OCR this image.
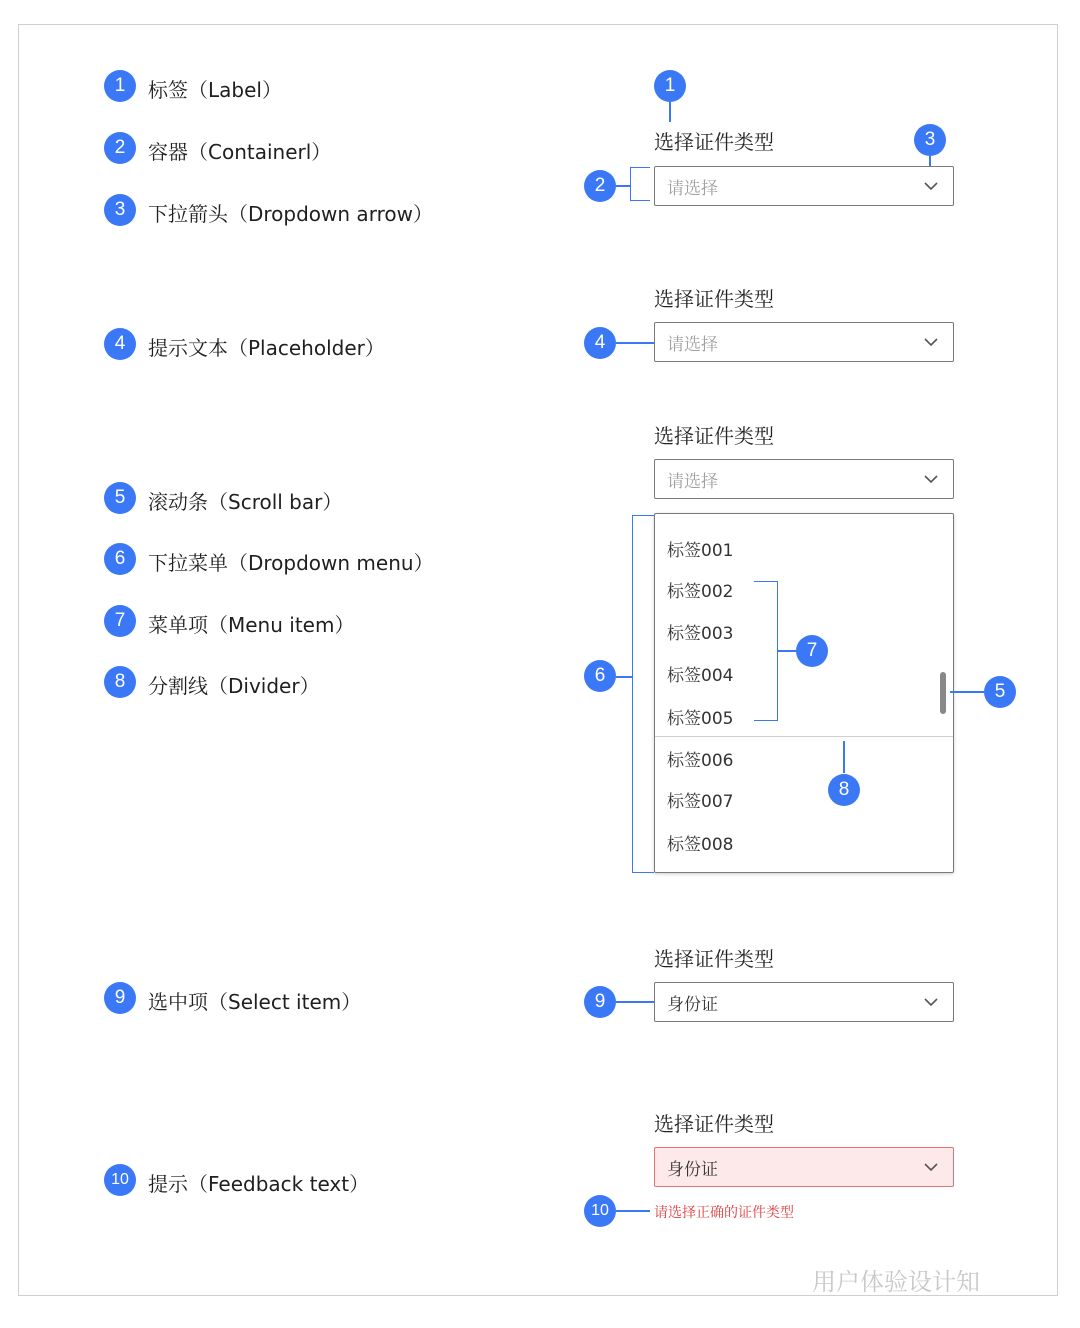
1	标签（Label）
2	容器（Containerl）
3	下拉箭头（Dropdown arrow）
4	提示文本（Placeholder）
5	滚动条（Scroll bar）
6	下拉菜单（Dropdown menu）
7	菜单项（Menu item）
8	分割线（Divider）
9	选中项（Select item）
10 提示（Feedback text）
1
选择证件类型	3
2	请选择
选择证件类型
4	请选择
选择证件类型
请选择
标签001
标签002
标签003
标签004
标签005
标签006
标签007
标签008
6
7
5
8
选择证件类型
9	身份证
选择证件类型
身份证
10	请选择正确的证件类型
用户体验设计知
